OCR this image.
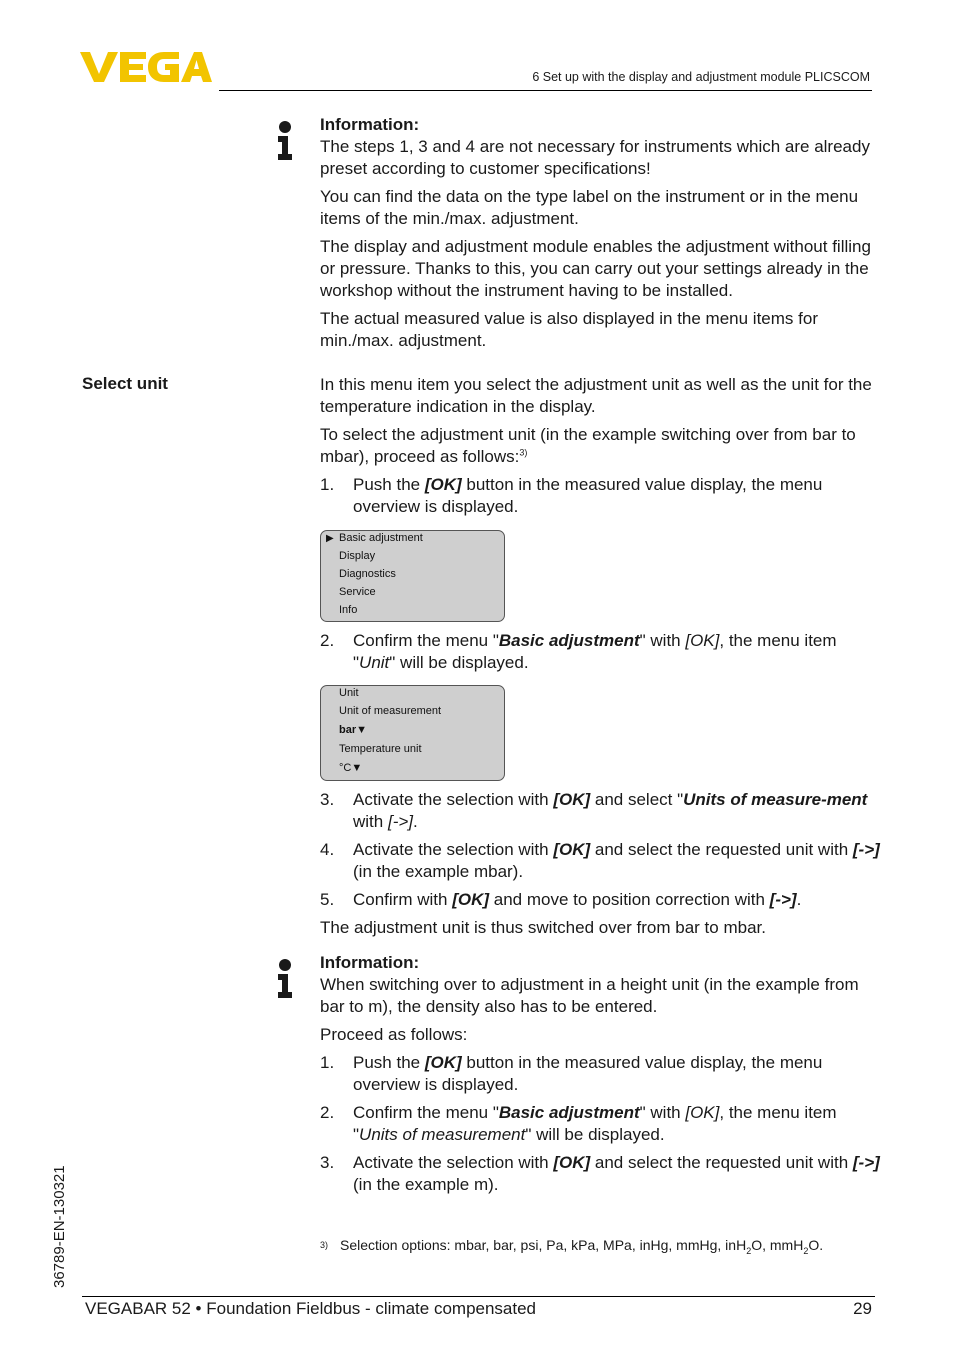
6 Set up with the display and adjustment module PLICSCOM
Information:

The steps 1, 3 and 4 are not necessary for instruments which are already preset according to customer specifications!

You can find the data on the type label on the instrument or in the menu items of the min./max. adjustment.

The display and adjustment module enables the adjustment without filling or pressure. Thanks to this, you can carry out your settings already in the workshop without the instrument having to be installed.

The actual measured value is also displayed in the menu items for min./max. adjustment.

Select unit	In this menu item you select the adjustment unit as well as the unit for the temperature indication in the display.

To select the adjustment unit (in the example switching over from bar to mbar), proceed as follows:$^{3)}$

1. Push the [OK] button in the measured value display, the menu overview is displayed.
▶ Basic adjustment
Display
Diagnostics
Service
Info
2. Confirm the menu "Basic adjustment" with [OK], the menu item "Unit" will be displayed.
Unit
Unit of measurement
bar▼
Temperature unit
°C▼
3. Activate the selection with [OK] and select "Units of measure-ment with [->].
4. Activate the selection with [OK] and select the requested unit with [->] (in the example mbar).
5. Confirm with [OK] and move to position correction with [->].

The adjustment unit is thus switched over from bar to mbar.

Information:

When switching over to adjustment in a height unit (in the example from bar to m), the density also has to be entered.

Proceed as follows:

1. Push the [OK] button in the measured value display, the menu overview is displayed.
2. Confirm the menu "Basic adjustment" with [OK], the menu item "Units of measurement" will be displayed.
3. Activate the selection with [OK] and select the requested unit with [->] (in the example m).
3) Selection options: mbar, bar, psi, Pa, kPa, MPa, inHg, mmHg, inH$_2$O, mmH$_2$O.
36789-EN-130321
VEGABAR 52 • Foundation Fieldbus - climate compensated	29
